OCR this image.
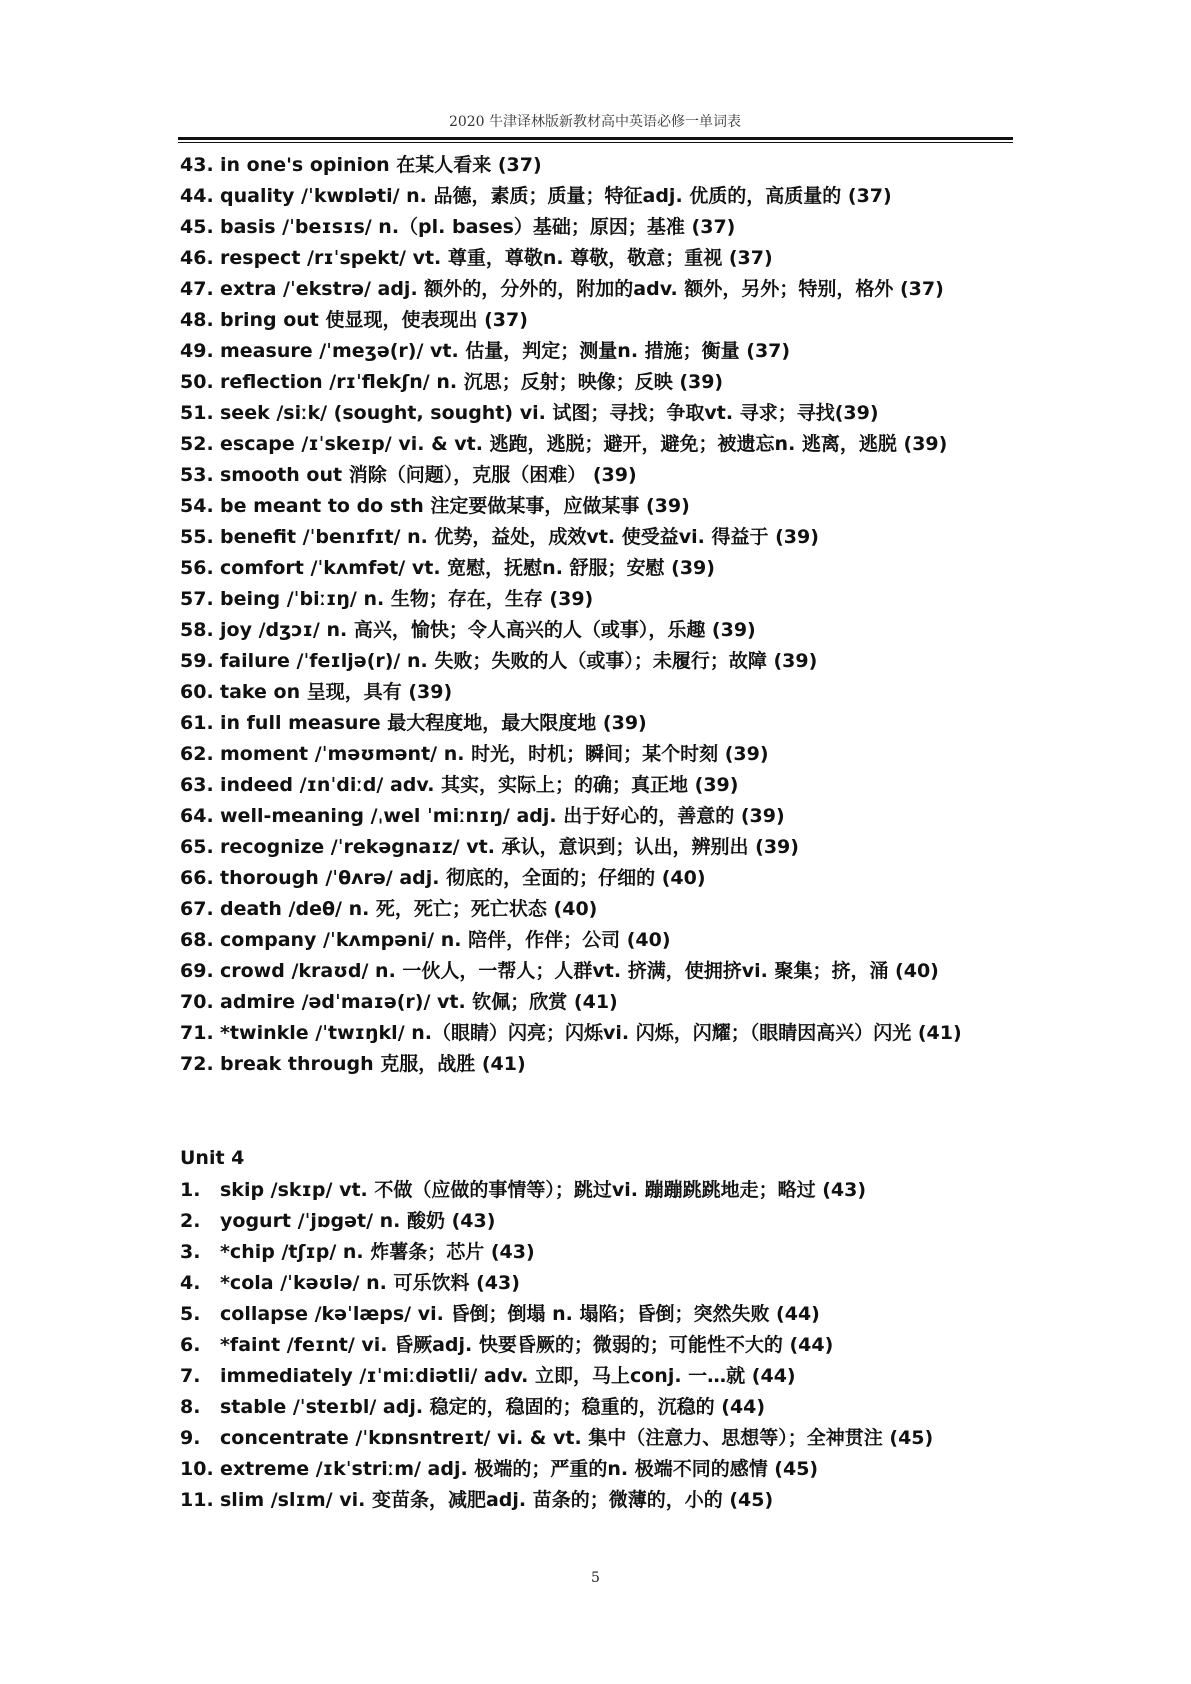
2020 牛津译林版新教材高中英语必修一单词表
43. in one's opinion 在某人看来 (37)
44. quality /ˈkwɒləti/ n. 品德，素质；质量；特征adj. 优质的，高质量的 (37)
45. basis /ˈbeɪsɪs/ n.（pl. bases）基础；原因；基准 (37)
46. respect /rɪˈspekt/ vt. 尊重，尊敬n. 尊敬，敬意；重视 (37)
47. extra /ˈekstrə/ adj. 额外的，分外的，附加的adv. 额外，另外；特别，格外 (37)
48. bring out 使显现，使表现出 (37)
49. measure /ˈmeʒə(r)/ vt. 估量，判定；测量n. 措施；衡量 (37)
50. reflection /rɪˈflekʃn/ n. 沉思；反射；映像；反映 (39)
51. seek /siːk/ (sought, sought) vi. 试图；寻找；争取vt. 寻求；寻找(39)
52. escape /ɪˈskeɪp/ vi. & vt. 逃跑，逃脱；避开，避免；被遗忘n. 逃离，逃脱 (39)
53. smooth out 消除（问题），克服（困难） (39)
54. be meant to do sth 注定要做某事，应做某事 (39)
55. benefit /ˈbenɪfɪt/ n. 优势，益处，成效vt. 使受益vi. 得益于 (39)
56. comfort /ˈkʌmfət/ vt. 宽慰，抚慰n. 舒服；安慰 (39)
57. being /ˈbiːɪŋ/ n. 生物；存在，生存 (39)
58. joy /dʒɔɪ/ n. 高兴，愉快；令人高兴的人（或事），乐趣 (39)
59. failure /ˈfeɪljə(r)/ n. 失败；失败的人（或事）；未履行；故障 (39)
60. take on 呈现，具有 (39)
61. in full measure 最大程度地，最大限度地 (39)
62. moment /ˈməʊmənt/ n. 时光，时机；瞬间；某个时刻 (39)
63. indeed /ɪnˈdiːd/ adv. 其实，实际上；的确；真正地 (39)
64. well-meaning /ˌwel ˈmiːnɪŋ/ adj. 出于好心的，善意的 (39)
65. recognize /ˈrekəgnaɪz/ vt. 承认，意识到；认出，辨别出 (39)
66. thorough /ˈθʌrə/ adj. 彻底的，全面的；仔细的 (40)
67. death /deθ/ n. 死，死亡；死亡状态 (40)
68. company /ˈkʌmpəni/ n. 陪伴，作伴；公司 (40)
69. crowd /kraʊd/ n. 一伙人，一帮人；人群vt. 挤满，使拥挤vi. 聚集；挤，涌 (40)
70. admire /ədˈmaɪə(r)/ vt. 钦佩；欣赏 (41)
71. *twinkle /ˈtwɪŋkl/ n.（眼睛）闪亮；闪烁vi. 闪烁，闪耀；（眼睛因高兴）闪光 (41)
72. break through 克服，战胜 (41)
Unit 4
1.	skip /skɪp/ vt. 不做（应做的事情等）；跳过vi. 蹦蹦跳跳地走；略过 (43)
2.	yogurt /ˈjɒgət/ n. 酸奶 (43)
3.	*chip /tʃɪp/ n. 炸薯条；芯片 (43)
4.	*cola /ˈkəʊlə/ n. 可乐饮料 (43)
5.	collapse /kəˈlæps/ vi. 昏倒；倒塌 n. 塌陷；昏倒；突然失败 (44)
6.	*faint /feɪnt/ vi. 昏厥adj. 快要昏厥的；微弱的；可能性不大的 (44)
7.	immediately /ɪˈmiːdiətli/ adv. 立即，马上conj. 一…就 (44)
8.	stable /ˈsteɪbl/ adj. 稳定的，稳固的；稳重的，沉稳的 (44)
9.	concentrate /ˈkɒnsntreɪt/ vi. & vt. 集中（注意力、思想等）；全神贯注 (45)
10. extreme /ɪkˈstriːm/ adj. 极端的；严重的n. 极端不同的感情 (45)
11. slim /slɪm/ vi. 变苗条，减肥adj. 苗条的；微薄的，小的 (45)
5
